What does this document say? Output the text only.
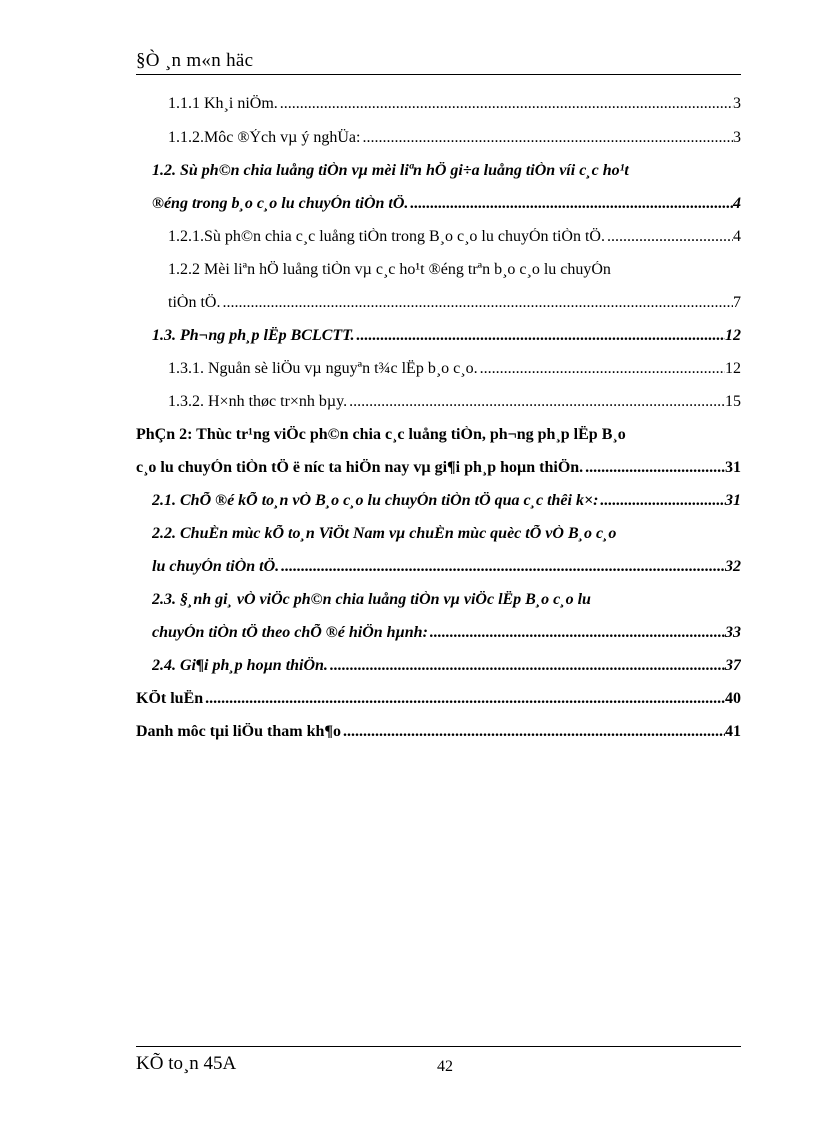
§Ò ¸n m«n häc
1.1.1 Kh¸i niÖm. .....	3
1.1.2.Môc ®Ých vµ ý nghÜa: .....	3
1.2. Sù ph©n chia luång tiÒn vµ mèi liªn hÖ gi÷a luång tiÒn víi c¸c ho¹t
®éng trong b¸o c¸o lu chuyÓn tiÒn tÖ. .....	4
1.2.1.Sù ph©n chia c¸c luång tiÒn trong B¸o c¸o lu chuyÓn tiÒn tÖ. .....	4
1.2.2 Mèi liªn hÖ luång tiÒn vµ c¸c ho¹t ®éng trªn b¸o c¸o lu chuyÓn
tiÒn tÖ. .....	7
1.3. Ph¬ng ph¸p lËp BCLCTT. .....	12
1.3.1. Nguån sè liÖu vµ nguyªn t¾c lËp b¸o c¸o. .....	12
1.3.2. H×nh thøc tr×nh bµy. .....	15
PhÇn 2: Thùc tr¹ng viÖc ph©n chia c¸c luång tiÒn, ph¬ng ph¸p lËp B¸o
c¸o lu chuyÓn tiÒn tÖ ë níc ta hiÖn nay vµ gi¶i ph¸p hoµn thiÖn. .....	31
2.1. ChÕ ®é kÕ to¸n vÒ B¸o c¸o lu chuyÓn tiÒn tÖ qua c¸c thêi k×: .....	31
2.2. ChuÈn mùc kÕ to¸n ViÖt Nam vµ chuÈn mùc quèc tÕ vÒ B¸o c¸o
lu chuyÓn tiÒn tÖ. .....	32
2.3. §¸nh gi¸ vÒ viÖc ph©n chia luång tiÒn vµ viÖc lËp B¸o c¸o lu
chuyÓn tiÒn tÖ theo chÕ ®é hiÖn hµnh: .....	33
2.4. Gi¶i ph¸p hoµn thiÖn. .....	37
KÕt luËn .....	40
Danh môc tµi liÖu tham kh¶o .....	41
KÕ to¸n 45A	42
